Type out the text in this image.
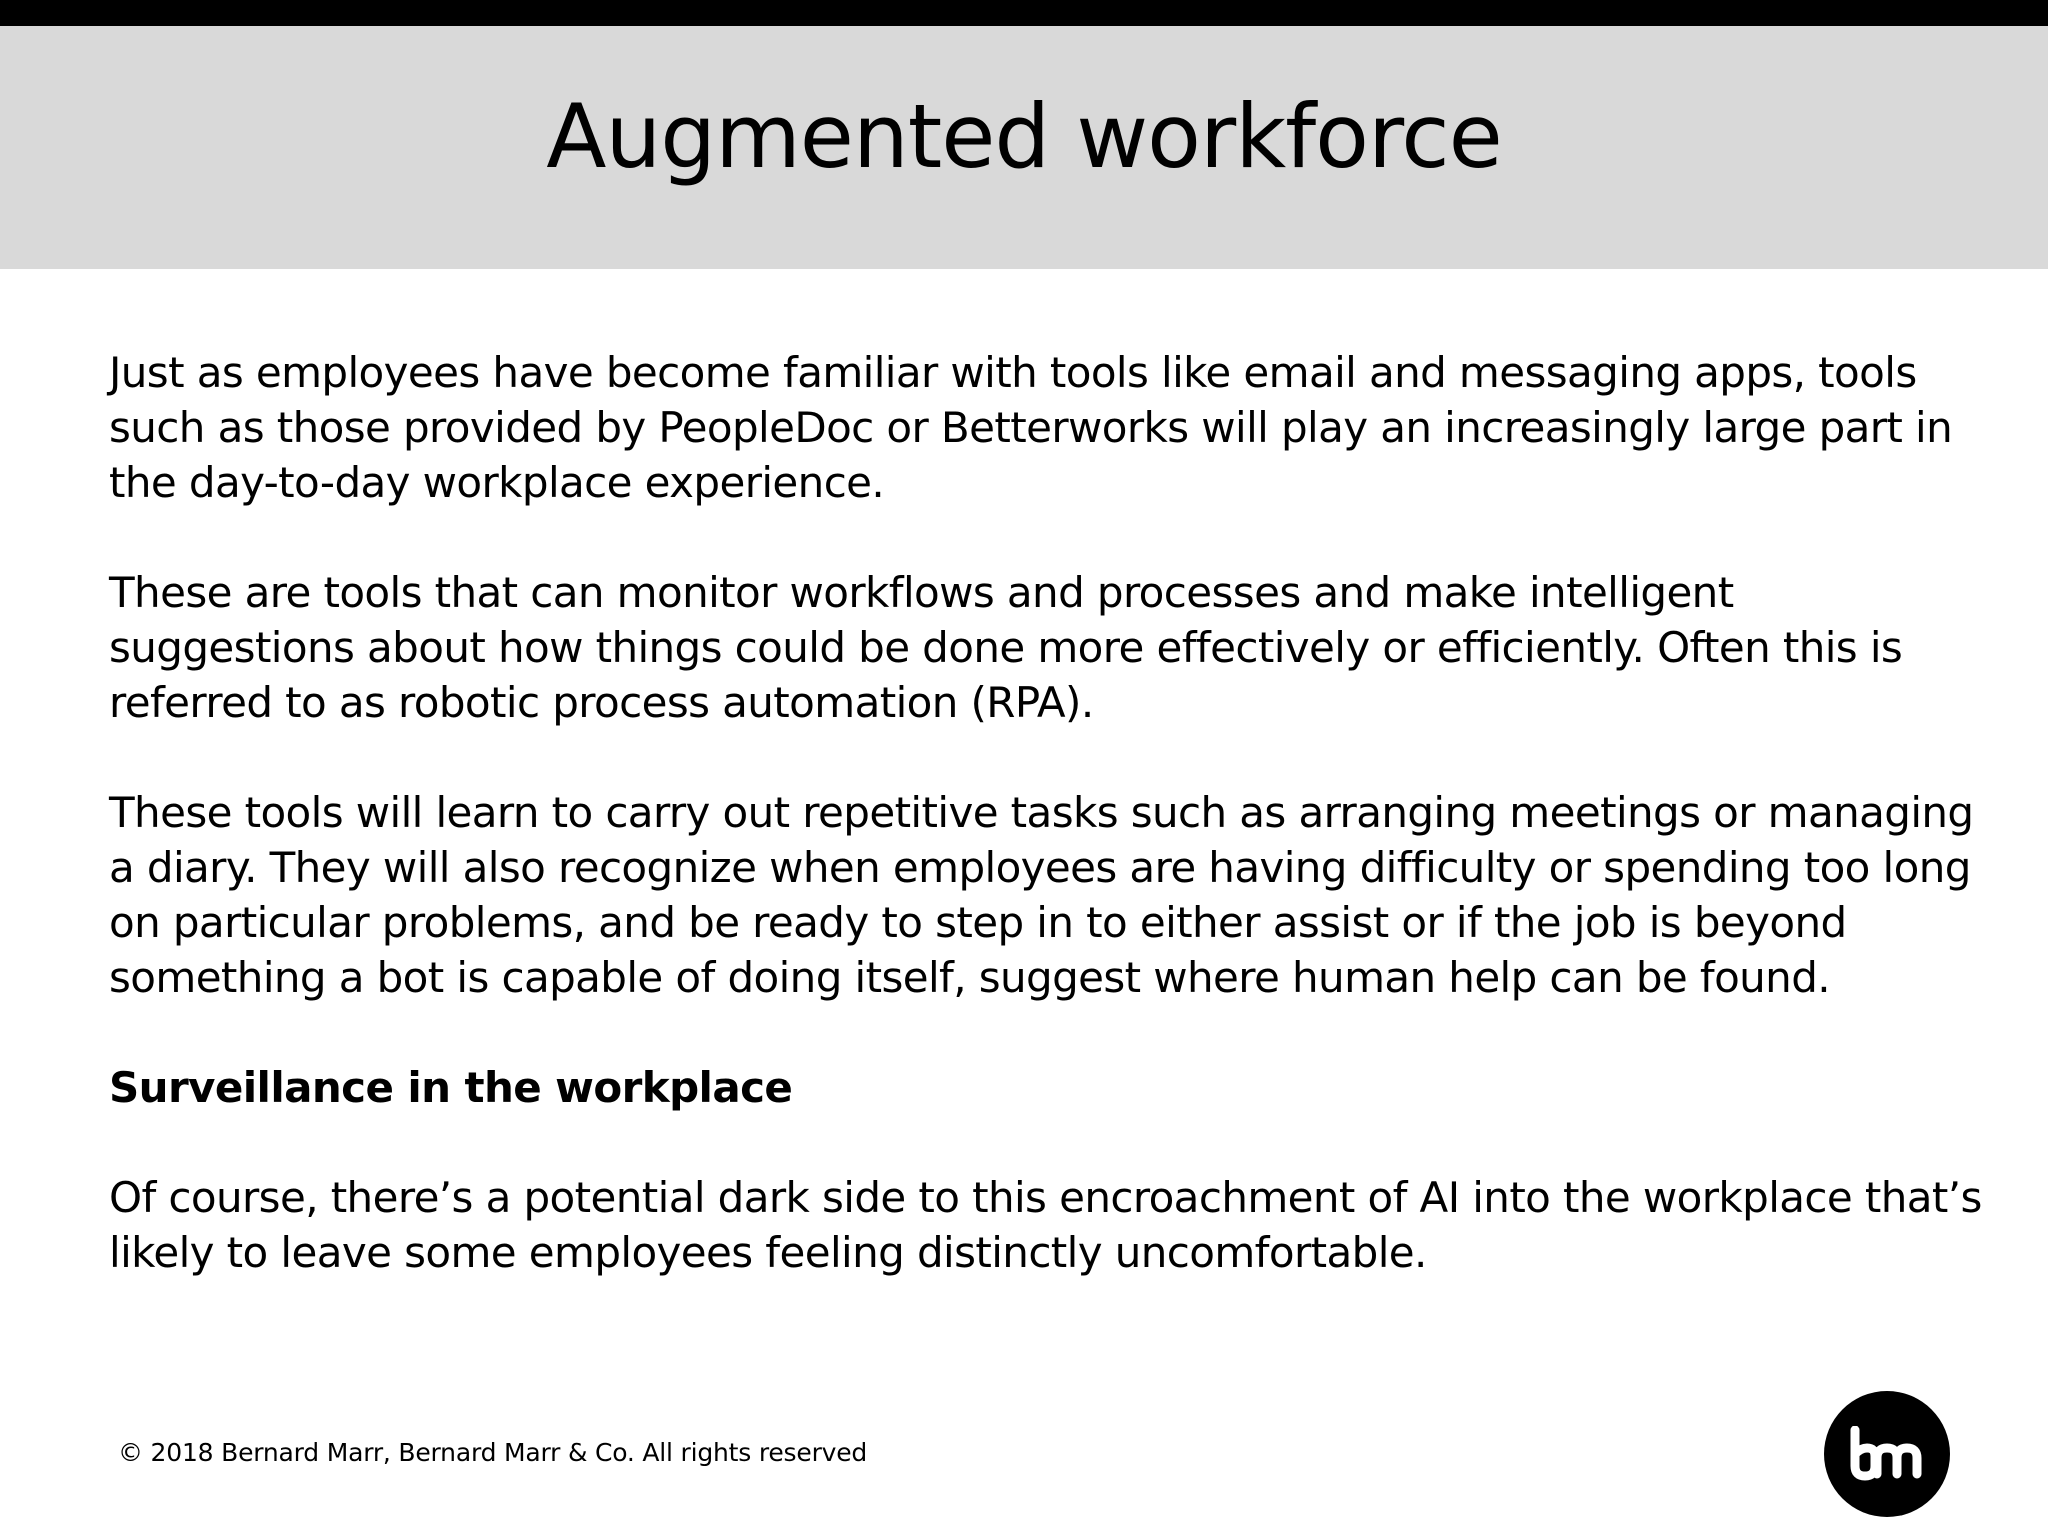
Augmented workforce

Just as employees have become familiar with tools like email and messaging apps, tools such as those provided by PeopleDoc or Betterworks will play an increasingly large part in the day-to-day workplace experience.

These are tools that can monitor workflows and processes and make intelligent suggestions about how things could be done more effectively or efficiently. Often this is referred to as robotic process automation (RPA).

These tools will learn to carry out repetitive tasks such as arranging meetings or managing a diary. They will also recognize when employees are having difficulty or spending too long on particular problems, and be ready to step in to either assist or if the job is beyond something a bot is capable of doing itself, suggest where human help can be found.

Surveillance in the workplace

Of course, there’s a potential dark side to this encroachment of AI into the workplace that’s likely to leave some employees feeling distinctly uncomfortable.

© 2018 Bernard Marr, Bernard Marr & Co. All rights reserved
